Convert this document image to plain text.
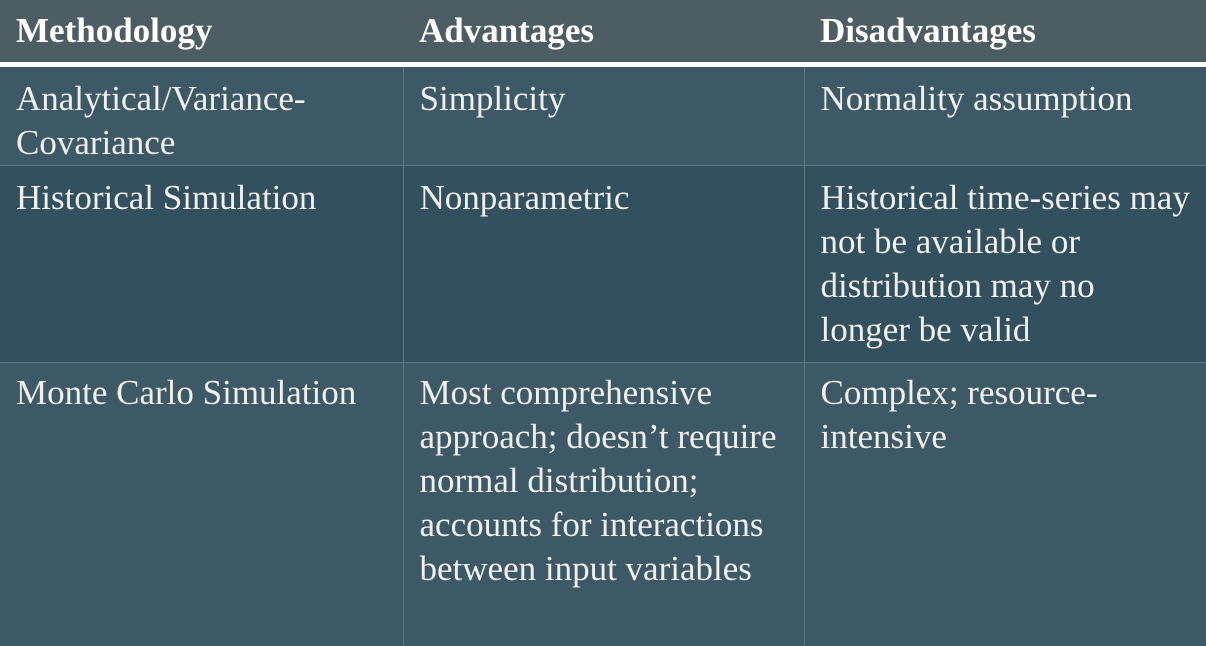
Methodology	Advantages	Disadvantages
Analytical/Variance-Covariance	Simplicity	Normality assumption
Historical Simulation	Nonparametric	Historical time-series may not be available or distribution may no longer be valid
Monte Carlo Simulation	Most comprehensive approach; doesn’t require normal distribution; accounts for interactions between input variables	Complex; resource-intensive
